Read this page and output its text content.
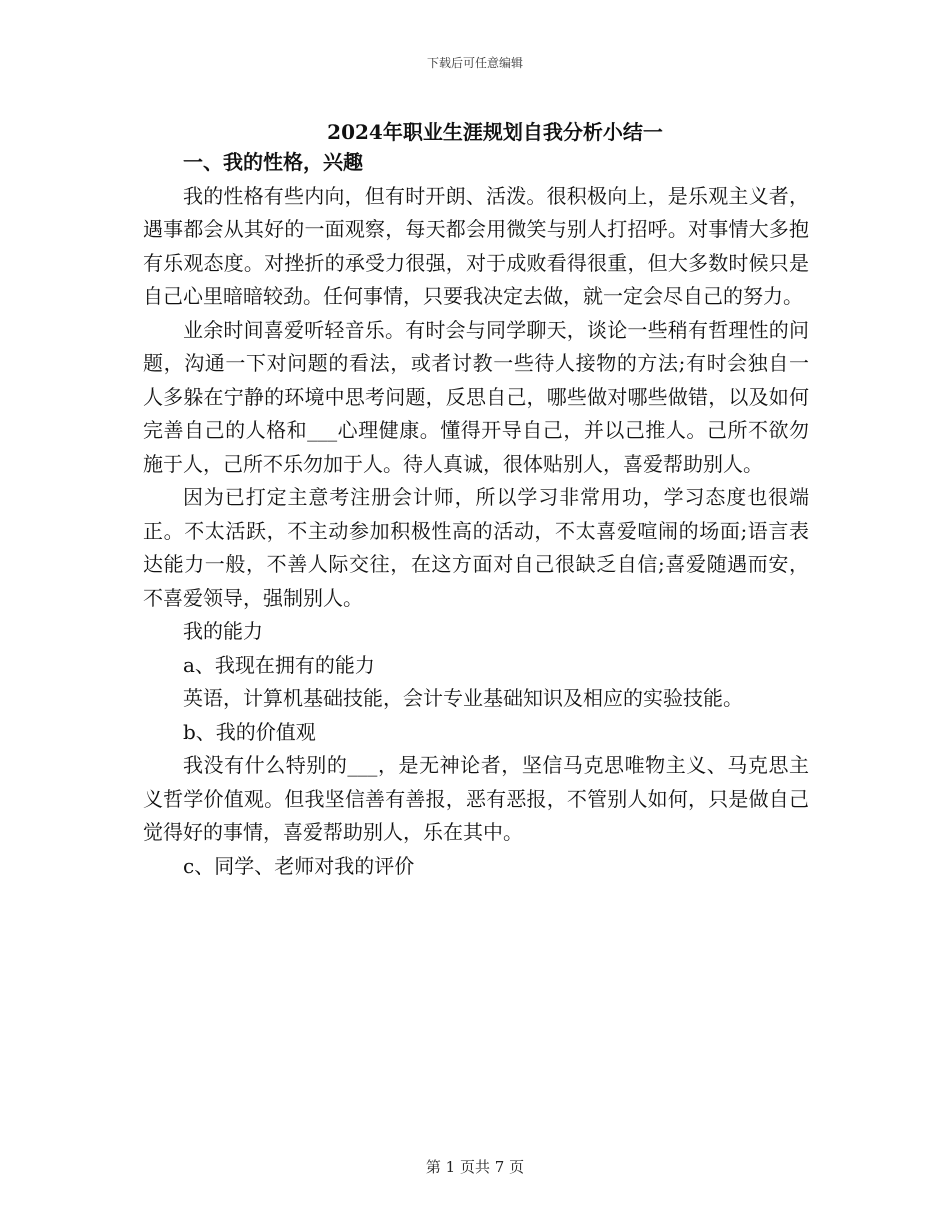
下载后可任意编辑
2024年职业生涯规划自我分析小结一

一、我的性格，兴趣

我的性格有些内向，但有时开朗、活泼。很积极向上，是乐观主义者，遇事都会从其好的一面观察，每天都会用微笑与别人打招呼。对事情大多抱有乐观态度。对挫折的承受力很强，对于成败看得很重，但大多数时候只是自己心里暗暗较劲。任何事情，只要我决定去做，就一定会尽自己的努力。

业余时间喜爱听轻音乐。有时会与同学聊天，谈论一些稍有哲理性的问题，沟通一下对问题的看法，或者讨教一些待人接物的方法;有时会独自一人多躲在宁静的环境中思考问题，反思自己，哪些做对哪些做错，以及如何完善自己的人格和___心理健康。懂得开导自己，并以己推人。己所不欲勿施于人，己所不乐勿加于人。待人真诚，很体贴别人，喜爱帮助别人。

因为已打定主意考注册会计师，所以学习非常用功，学习态度也很端正。不太活跃，不主动参加积极性高的活动，不太喜爱喧闹的场面;语言表达能力一般，不善人际交往，在这方面对自己很缺乏自信;喜爱随遇而安，不喜爱领导，强制别人。

我的能力

a、我现在拥有的能力

英语，计算机基础技能，会计专业基础知识及相应的实验技能。

b、我的价值观

我没有什么特别的___，是无神论者，坚信马克思唯物主义、马克思主义哲学价值观。但我坚信善有善报，恶有恶报，不管别人如何，只是做自己觉得好的事情，喜爱帮助别人，乐在其中。

c、同学、老师对我的评价

第 1 页共 7 页
